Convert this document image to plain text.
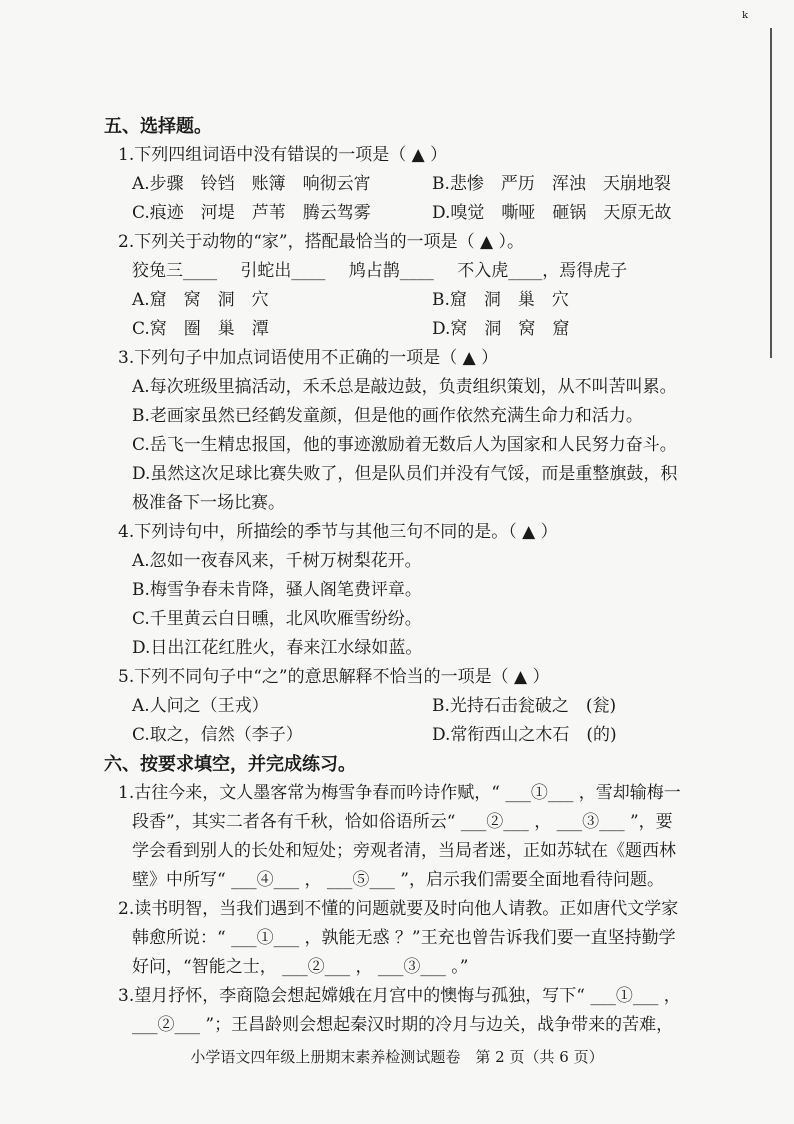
ᵏ
五、选择题。
1.下列四组词语中没有错误的一项是（ ▲ ）
A.步骤　铃铛　账簿　响彻云宵	B.悲惨　严历　浑浊　天崩地裂
C.痕迹　河堤　芦苇　腾云驾雾	D.嗅觉　嘶哑　砸锅　天原无故
2.下列关于动物的“家”，搭配最恰当的一项是（ ▲ ）。
狡兔三____ 引蛇出____ 鸠占鹊____ 不入虎____，焉得虎子
A.窟　窝　洞　穴	B.窟　洞　巢　穴
C.窝　圈　巢　潭	D.窝　洞　窝　窟
3.下列句子中加点词语使用不正确的一项是（ ▲ ）
A.每次班级里搞活动，禾禾总是敲边鼓，负责组织策划，从不叫苦叫累。
B.老画家虽然已经鹤发童颜，但是他的画作依然充满生命力和活力。
C.岳飞一生精忠报国，他的事迹激励着无数后人为国家和人民努力奋斗。
D.虽然这次足球比赛失败了，但是队员们并没有气馁，而是重整旗鼓，积
极准备下一场比赛。
4.下列诗句中，所描绘的季节与其他三句不同的是。（ ▲ ）
A.忽如一夜春风来，千树万树梨花开。
B.梅雪争春未肯降，骚人阁笔费评章。
C.千里黄云白日曛，北风吹雁雪纷纷。
D.日出江花红胜火，春来江水绿如蓝。
5.下列不同句子中“之”的意思解释不恰当的一项是（ ▲ ）
A.人问之（王戎）	B.光持石击瓮破之　(瓮)
C.取之，信然（李子）	D.常衔西山之木石　(的)
六、按要求填空，并完成练习。
1.古往今来，文人墨客常为梅雪争春而吟诗作赋，“ ___①___ ，雪却输梅一
段香”，其实二者各有千秋，恰如俗语所云“ ___②___ ， ___③___ ”，要
学会看到别人的长处和短处；旁观者清，当局者迷，正如苏轼在《题西林
壁》中所写“ ___④___ ， ___⑤___ ”，启示我们需要全面地看待问题。
2.读书明智，当我们遇到不懂的问题就要及时向他人请教。正如唐代文学家
韩愈所说：“ ___①___ ，孰能无惑 ？”王充也曾告诉我们要一直坚持勤学
好问，“智能之士， ___②___ ， ___③___ 。”
3.望月抒怀，李商隐会想起嫦娥在月宫中的懊悔与孤独，写下“ ___①___ ，
___②___ ”；王昌龄则会想起秦汉时期的冷月与边关，战争带来的苦难，
小学语文四年级上册期末素养检测试题卷　第 2 页（共 6 页）
